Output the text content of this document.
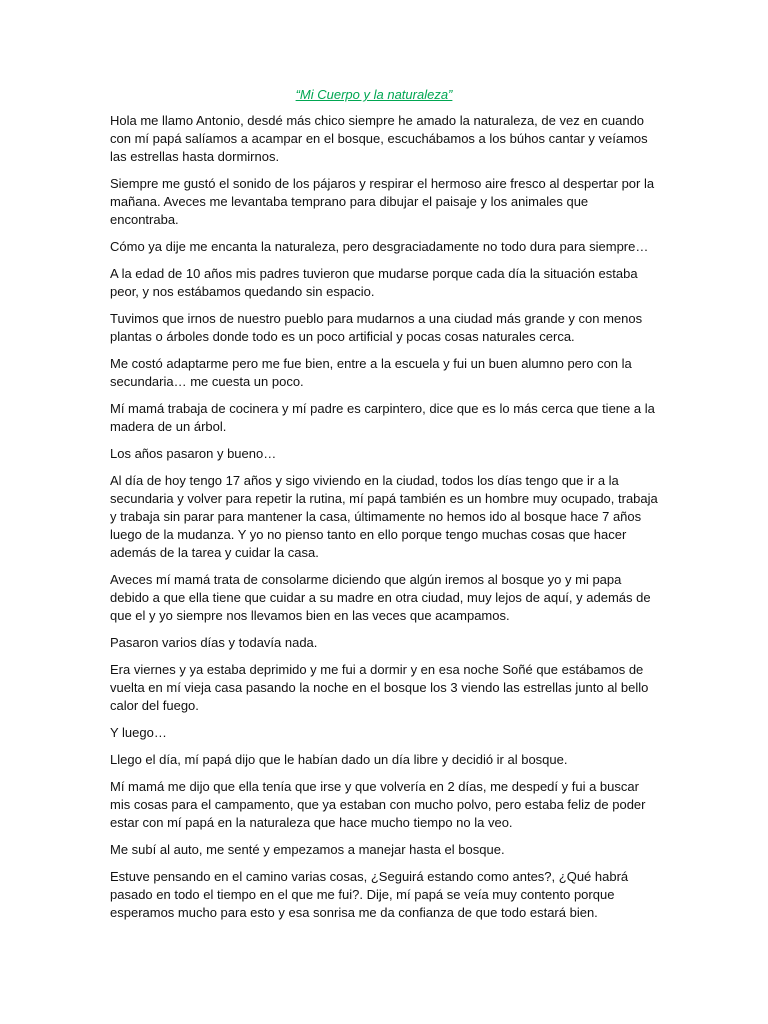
“Mi Cuerpo y la naturaleza”

Hola me llamo Antonio, desdé más chico siempre he amado la naturaleza, de vez en cuando con mí papá salíamos a acampar en el bosque, escuchábamos a los búhos cantar y veíamos las estrellas hasta dormirnos.

Siempre me gustó el sonido de los pájaros y respirar el hermoso aire fresco al despertar por la mañana. Aveces me levantaba temprano para dibujar el paisaje y los animales que encontraba.

Cómo ya dije me encanta la naturaleza, pero desgraciadamente no todo dura para siempre…

A la edad de 10 años mis padres tuvieron que mudarse porque cada día la situación estaba peor, y nos estábamos quedando sin espacio.

Tuvimos que irnos de nuestro pueblo para mudarnos a una ciudad más grande y con menos plantas o árboles donde todo es un poco artificial y pocas cosas naturales cerca.

Me costó adaptarme pero me fue bien, entre a la escuela y fui un buen alumno pero con la secundaria… me cuesta un poco.

Mí mamá trabaja de cocinera y mí padre es carpintero, dice que es lo más cerca que tiene a la madera de un árbol.

Los años pasaron y bueno…

Al día de hoy tengo 17 años y sigo viviendo en la ciudad, todos los días tengo que ir a la secundaria y volver para repetir la rutina, mí papá también es un hombre muy ocupado, trabaja y trabaja sin parar para mantener la casa, últimamente no hemos ido al bosque hace 7 años luego de la mudanza. Y yo no pienso tanto en ello porque tengo muchas cosas que hacer además de la tarea y cuidar la casa.

Aveces mí mamá trata de consolarme diciendo que algún iremos al bosque yo y mi papa debido a que ella tiene que cuidar a su madre en otra ciudad, muy lejos de aquí, y además de que el y yo siempre nos llevamos bien en las veces que acampamos.

Pasaron varios días y todavía nada.

Era viernes y ya estaba deprimido y me fui a dormir y en esa noche Soñé que estábamos de vuelta en mí vieja casa pasando la noche en el bosque los 3 viendo las estrellas junto al bello calor del fuego.

Y luego…

Llego el día, mí papá dijo que le habían dado un día libre y decidió ir al bosque.

Mí mamá me dijo que ella tenía que irse y que volvería en 2 días, me despedí y fui a buscar mis cosas para el campamento, que ya estaban con mucho polvo, pero estaba feliz de poder estar con mí papá en la naturaleza que hace mucho tiempo no la veo.

Me subí al auto, me senté y empezamos a manejar hasta el bosque.

Estuve pensando en el camino varias cosas, ¿Seguirá estando como antes?, ¿Qué habrá pasado en todo el tiempo en el que me fui?. Dije, mí papá se veía muy contento porque esperamos mucho para esto y esa sonrisa me da confianza de que todo estará bien.
